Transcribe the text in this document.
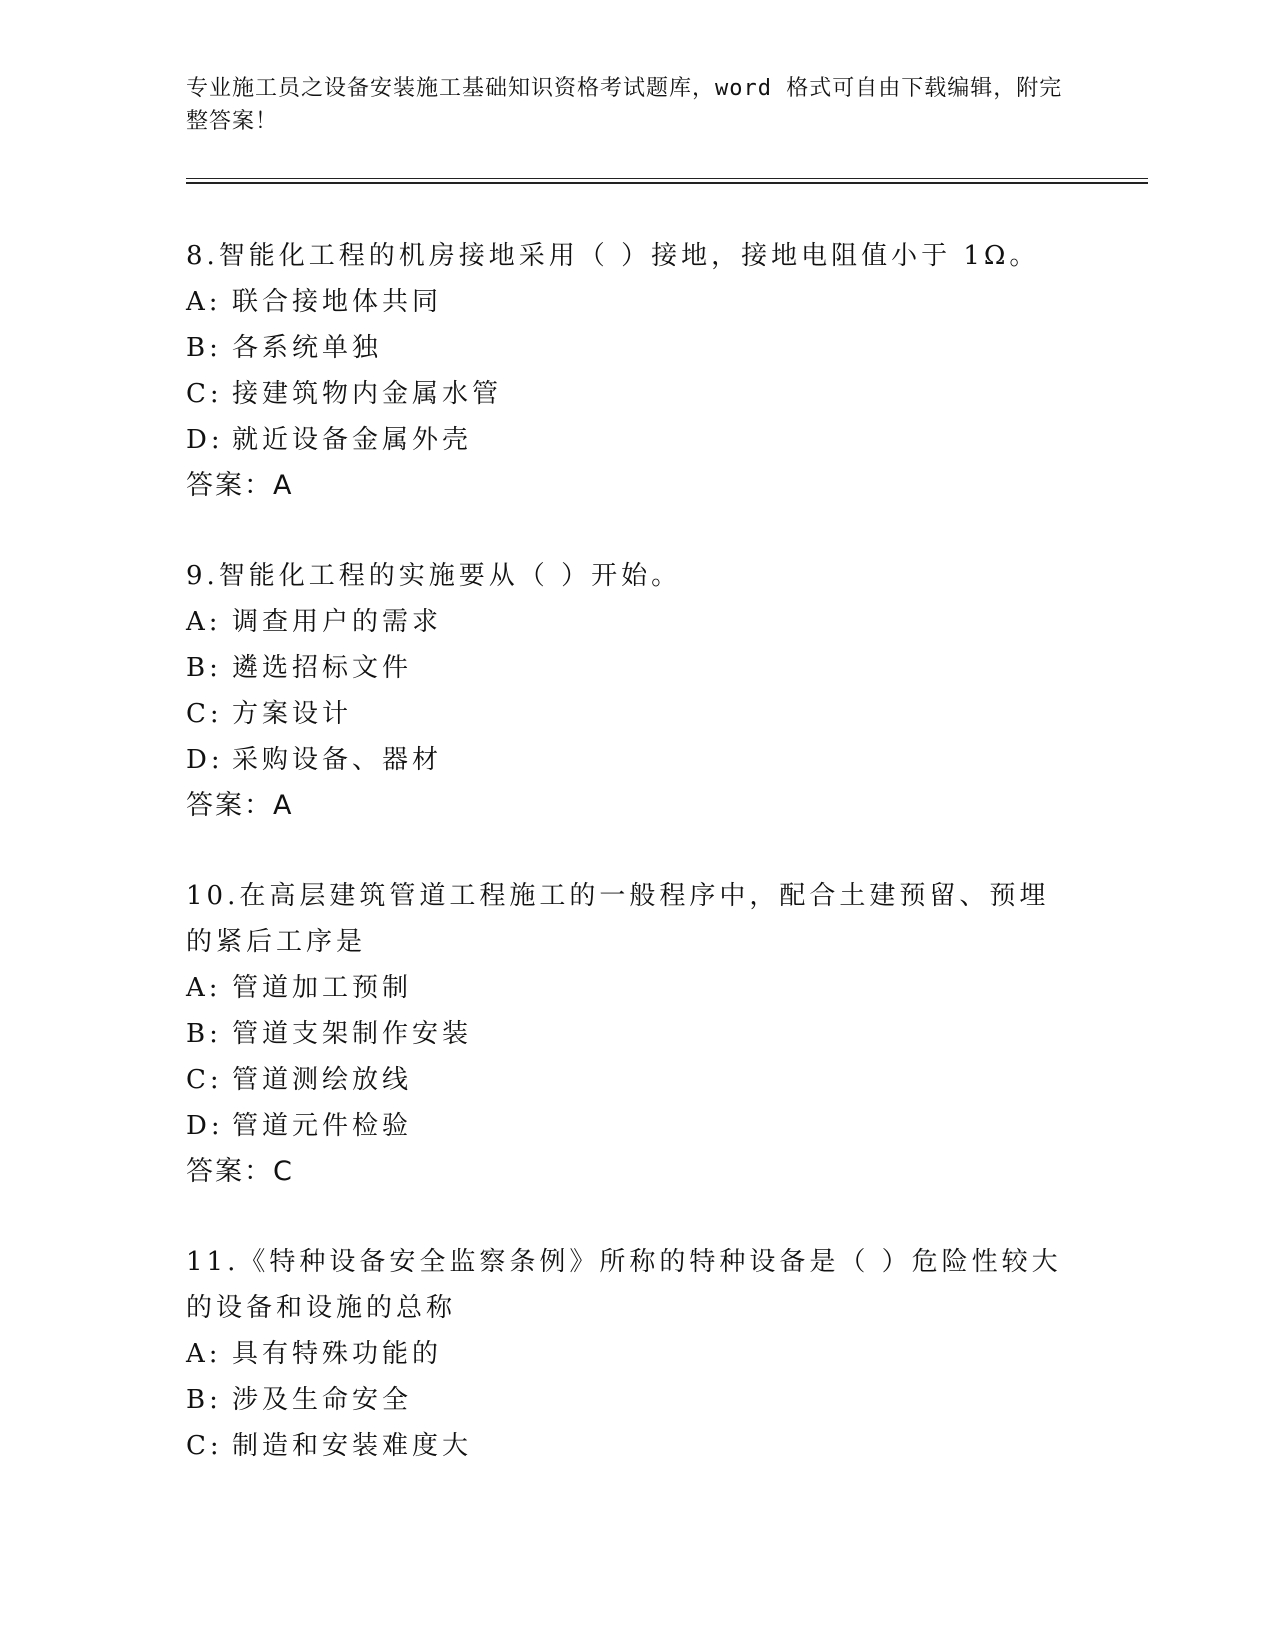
专业施工员之设备安装施工基础知识资格考试题库，word 格式可自由下载编辑，附完整答案！
8.智能化工程的机房接地采用（ ）接地，接地电阻值小于 1Ω。
A: 联合接地体共同
B: 各系统单独
C: 接建筑物内金属水管
D: 就近设备金属外壳
答案：A
9.智能化工程的实施要从（ ）开始。
A: 调查用户的需求
B: 遴选招标文件
C: 方案设计
D: 采购设备、器材
答案：A
10.在高层建筑管道工程施工的一般程序中，配合土建预留、预埋的紧后工序是
A: 管道加工预制
B: 管道支架制作安装
C: 管道测绘放线
D: 管道元件检验
答案：C
11.《特种设备安全监察条例》所称的特种设备是（ ）危险性较大的设备和设施的总称
A: 具有特殊功能的
B: 涉及生命安全
C: 制造和安装难度大
